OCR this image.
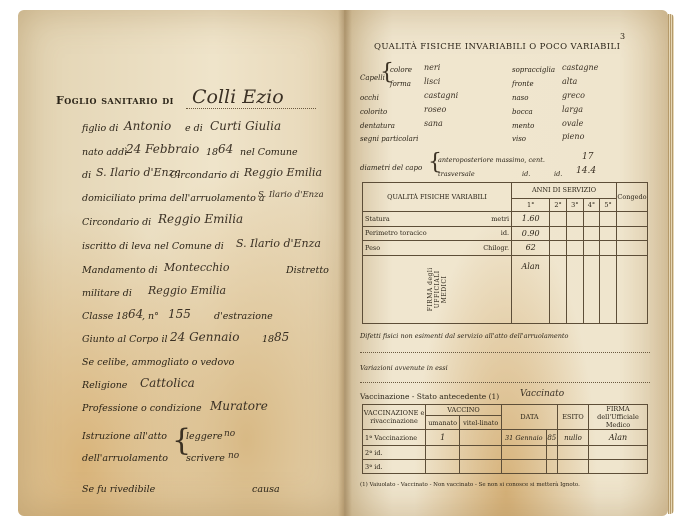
Foglio sanitario di Colli Ezio
figlio di Antonio e di Curti Giulia
nato addì
24 Febbraio 18 64 nel Comune
di S. Ilario d'Enza
Circondario di Reggio Emilia
domiciliato prima dell'arruolamento a
S. Ilario d'Enza
Circondario di Reggio Emilia
iscritto di leva nel Comune di S. Ilario d'Enza
Mandamento di Montecchio	Distretto
militare di Reggio Emilia
Classe 18 64
, n° 155 d'estrazione
Giunto al Corpo il 24 Gennaio 18 85
Se celibe, ammogliato o vedovo
Religione Cattolica
Professione o condizione Muratore
Istruzione all'atto
dell'arruolamento
{
leggere no
scrivere no
Se fu rivedibile	causa
3
QUALITÀ FISICHE INVARIABILI O POCO VARIABILI
Capelli
{
colore neri
forma lisci
occhi	castagni
colorito	roseo
dentatura	sana
segni particolari
sopracciglia castagne
fronte	alta
naso	greco
bocca	larga
mento	ovale
viso	pieno
diametri del capo {
anteroposteriore massimo, cent.	17
trasversale	id.	id. 14.4
QUALITÀ FISICHE VARIABILI		ANNI DI SERVIZIO					Congedo
		1°	2°	3°	4°	5°	
Statura	metri	1.60					
Perimetro toracico	id.	0.90					
Peso	Chilogr.	62					

FIRMA degli UFFICIALI MEDICI		Alan					
Difetti fisici non esimenti dal servizio all'atto dell'arruolamento
Variazioni avvenute in essi
Vaccinazione - Stato antecedente (1) Vaccinato
VACCINAZIONE e rivaccinazione	VACCINO		DATA		ESITO	FIRMA dell'Ufficiale Medico
	umanato	vitel-linato				
1ª Vaccinazione	1		31 Gennaio	85	nullo	Alan
2ª id.						
3ª id.						
(1) Vaiuolato - Vaccinato - Non vaccinato - Se non si conosce si metterà Ignoto.
